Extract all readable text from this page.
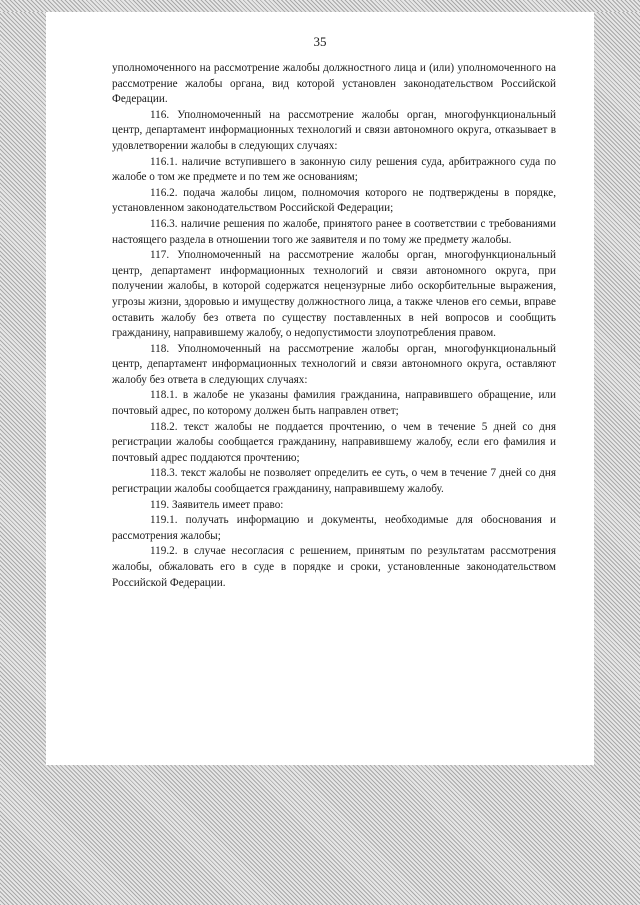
35

уполномоченного на рассмотрение жалобы должностного лица и (или) уполномоченного на рассмотрение жалобы органа, вид которой установлен законодательством Российской Федерации.

116. Уполномоченный на рассмотрение жалобы орган, многофункциональный центр, департамент информационных технологий и связи автономного округа, отказывает в удовлетворении жалобы в следующих случаях:

116.1. наличие вступившего в законную силу решения суда, арбитражного суда по жалобе о том же предмете и по тем же основаниям;

116.2. подача жалобы лицом, полномочия которого не подтверждены в порядке, установленном законодательством Российской Федерации;

116.3. наличие решения по жалобе, принятого ранее в соответствии с требованиями настоящего раздела в отношении того же заявителя и по тому же предмету жалобы.

117. Уполномоченный на рассмотрение жалобы орган, многофункциональный центр, департамент информационных технологий и связи автономного округа, при получении жалобы, в которой содержатся нецензурные либо оскорбительные выражения, угрозы жизни, здоровью и имуществу должностного лица, а также членов его семьи, вправе оставить жалобу без ответа по существу поставленных в ней вопросов и сообщить гражданину, направившему жалобу, о недопустимости злоупотребления правом.

118. Уполномоченный на рассмотрение жалобы орган, многофункциональный центр, департамент информационных технологий и связи автономного округа, оставляют жалобу без ответа в следующих случаях:

118.1. в жалобе не указаны фамилия гражданина, направившего обращение, или почтовый адрес, по которому должен быть направлен ответ;

118.2. текст жалобы не поддается прочтению, о чем в течение 5 дней со дня регистрации жалобы сообщается гражданину, направившему жалобу, если его фамилия и почтовый адрес поддаются прочтению;

118.3. текст жалобы не позволяет определить ее суть, о чем в течение 7 дней со дня регистрации жалобы сообщается гражданину, направившему жалобу.

119. Заявитель имеет право:

119.1. получать информацию и документы, необходимые для обоснования и рассмотрения жалобы;

119.2. в случае несогласия с решением, принятым по результатам рассмотрения жалобы, обжаловать его в суде в порядке и сроки, установленные законодательством Российской Федерации.
